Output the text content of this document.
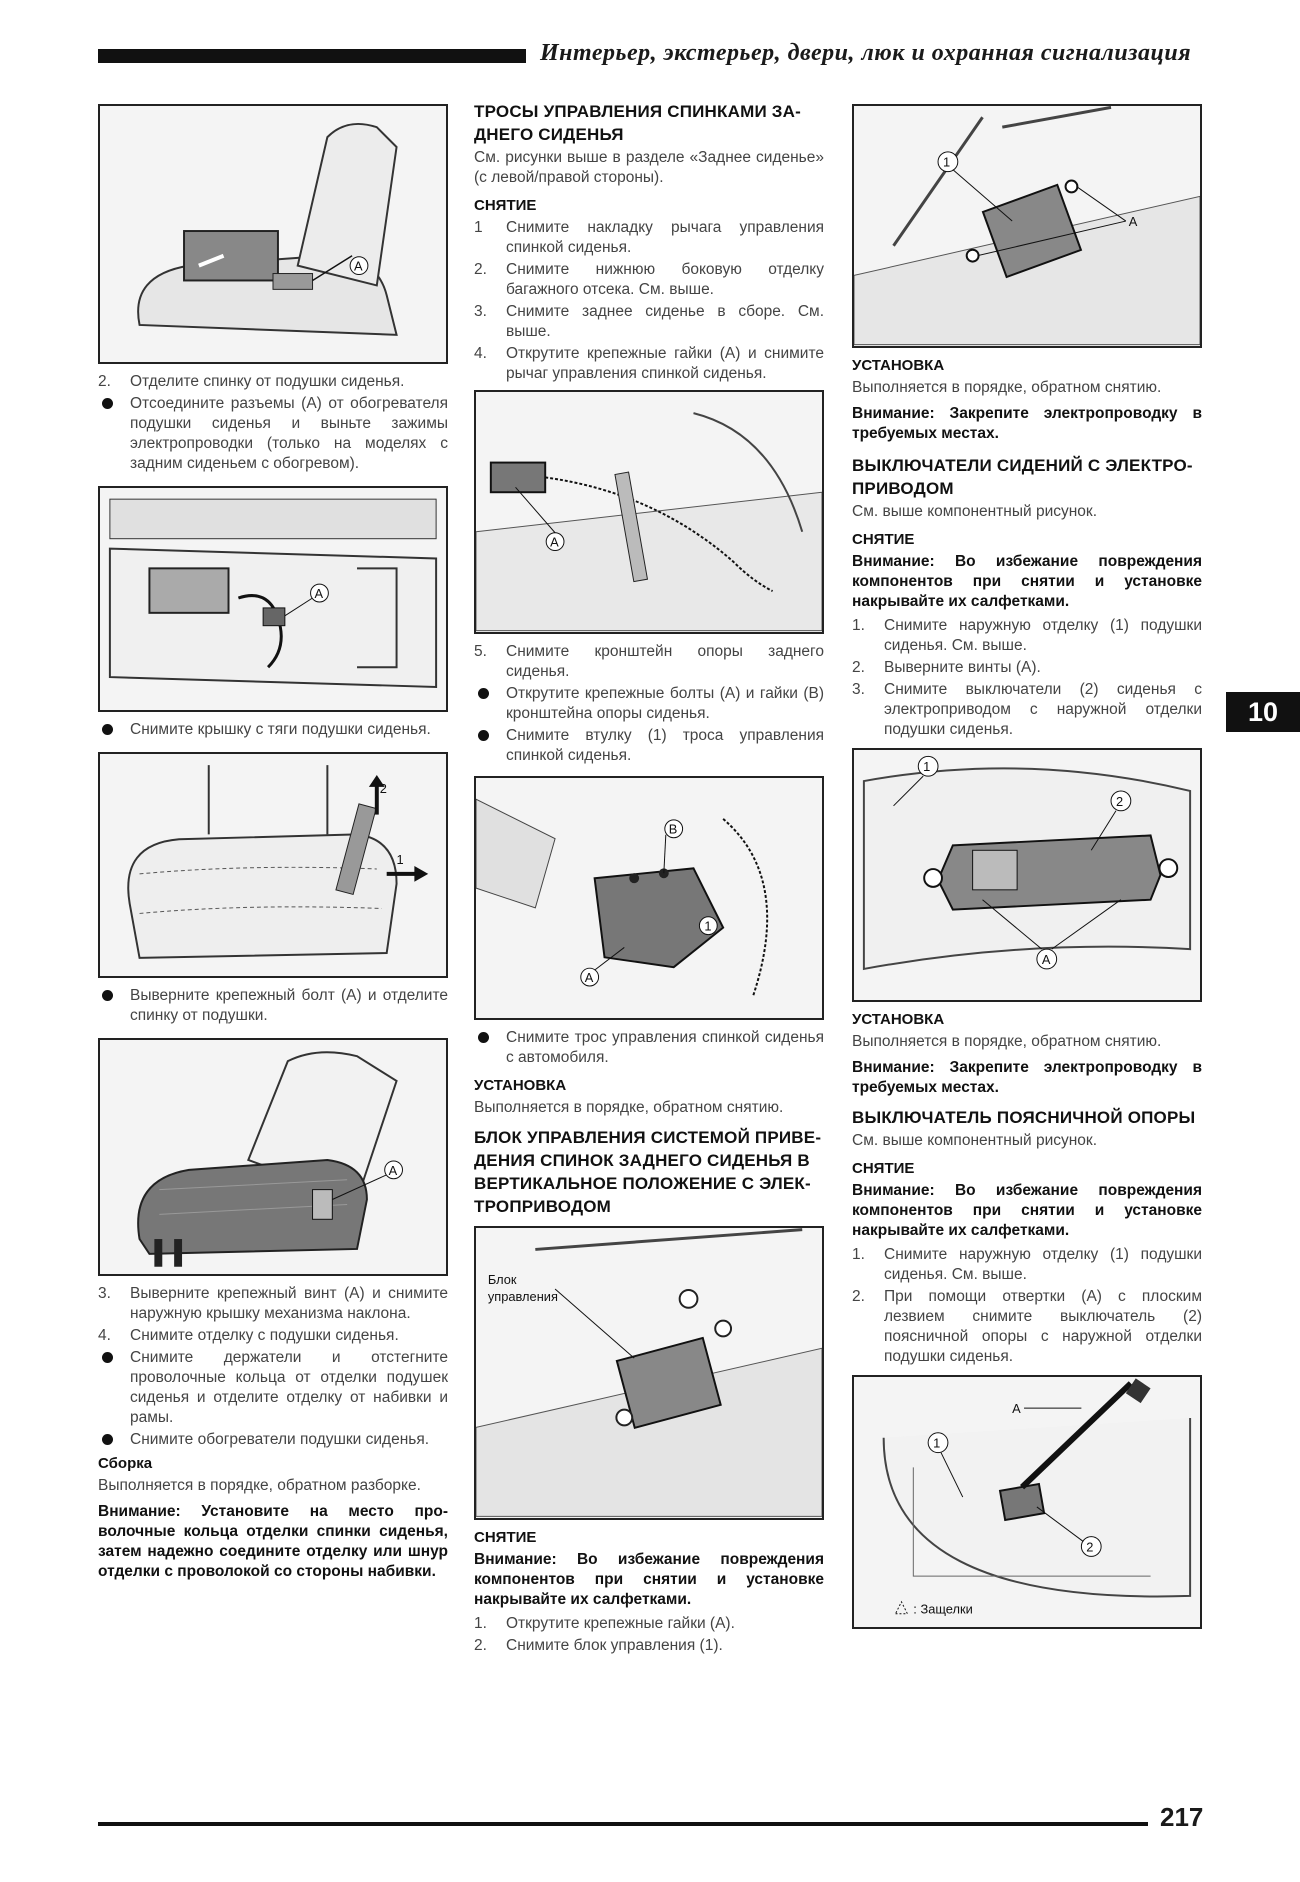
Интерьер, экстерьер, двери, люк и охранная сигнализация
10
A
2.	Отделите спинку от подушки сиденья.
Отсоедините разъемы (A) от обогревателя подушки сиденья и выньте зажимы электропроводки (только на моделях с задним сиденьем с обогревом).
A
Снимите крышку с тяги подушки сиденья.
2
1
Выверните крепежный болт (A) и отделите спинку от подушки.
A
3.	Выверните крепежный винт (A) и снимите наружную крышку механизма наклона.
4.	Снимите отделку с подушки сиденья.
Снимите держатели и отстегните проволочные кольца от отделки подушек сиденья и отделите отделку от набивки и рамы.
Снимите обогреватели подушки сиденья.
Сборка

Выполняется в порядке, обратном разборке.

Внимание: Установите на место проволочные кольца отделки спинки сиденья, затем надежно соедините отделку или шнур отделки с проволокой со стороны набивки.
ТРОСЫ УПРАВЛЕНИЯ СПИНКАМИ ЗАДНЕГО СИДЕНЬЯ

См. рисунки выше в разделе «Заднее сиденье» (с левой/правой стороны).

СНЯТИЕ
1	Снимите накладку рычага управления спинкой сиденья.
2.	Снимите нижнюю боковую отделку багажного отсека. См. выше.
3.	Снимите заднее сиденье в сборе. См. выше.
4.	Открутите крепежные гайки (A) и снимите рычаг управления спинкой сиденья.
A
5.	Снимите кронштейн опоры заднего сиденья.
Открутите крепежные болты (A) и гайки (B) кронштейна опоры сиденья.
Снимите втулку (1) троса управления спинкой сиденья.
B
1
A
Снимите трос управления спинкой сиденья с автомобиля.
УСТАНОВКА

Выполняется в порядке, обратном снятию.

БЛОК УПРАВЛЕНИЯ СИСТЕМОЙ ПРИВЕДЕНИЯ СПИНОК ЗАДНЕГО СИДЕНЬЯ В ВЕРТИКАЛЬНОЕ ПОЛОЖЕНИЕ С ЭЛЕКТРОПРИВОДОМ
Блок
управления
СНЯТИЕ
Внимание: Во избежание повреждения компонентов при снятии и установке накрывайте их салфетками.
1.	Открутите крепежные гайки (A).
2.	Снимите блок управления (1).
1
A
УСТАНОВКА

Выполняется в порядке, обратном снятию.

Внимание: Закрепите электропроводку в требуемых местах.
ВЫКЛЮЧАТЕЛИ СИДЕНИЙ С ЭЛЕКТРОПРИВОДОМ

См. выше компонентный рисунок.

СНЯТИЕ
Внимание: Во избежание повреждения компонентов при снятии и установке накрывайте их салфетками.
1.	Снимите наружную отделку (1) подушки сиденья. См. выше.
2.	Выверните винты (A).
3.	Снимите выключатели (2) сиденья с электроприводом с наружной отделки подушки сиденья.
1
2
A
УСТАНОВКА

Выполняется в порядке, обратном снятию.

Внимание: Закрепите электропроводку в требуемых местах.
ВЫКЛЮЧАТЕЛЬ ПОЯСНИЧНОЙ ОПОРЫ

См. выше компонентный рисунок.

СНЯТИЕ
Внимание: Во избежание повреждения компонентов при снятии и установке накрывайте их салфетками.
1.	Снимите наружную отделку (1) подушки сиденья. См. выше.
2.	При помощи отвертки (A) с плоским лезвием снимите выключатель (2) поясничной опоры с наружной отделки подушки сиденья.
A
1
2
: Защелки
217
